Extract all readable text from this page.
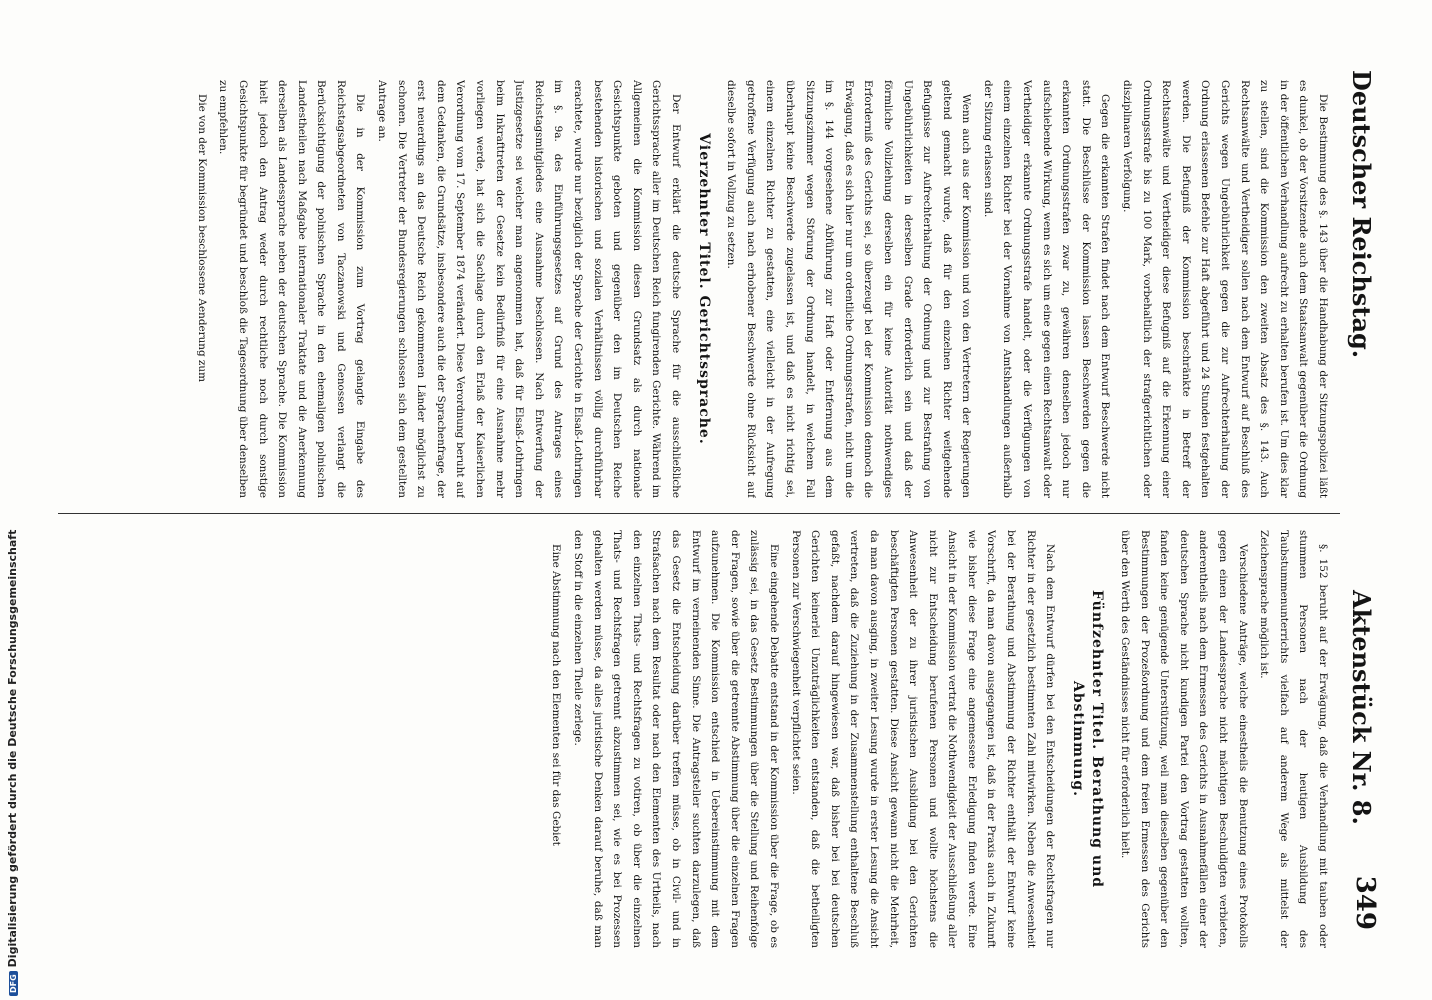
Deutscher Reichstag.
Aktenstück Nr. 8.
349

Die Bestimmung des §. 143 über die Handhabung der Sitzungspolizei läßt es dunkel, ob der Vorsitzende auch dem Staatsanwalt gegenüber die Ordnung in der öffentlichen Verhandlung aufrecht zu erhalten berufen ist. Um dies klar zu stellen, sind die Kommission den zweiten Absatz des §. 143. Auch Rechtsanwälte und Vertheidiger sollen nach dem Entwurf auf Beschluß des Gerichts wegen Ungebührlichkeit gegen die zur Aufrechterhaltung der Ordnung erlassenen Befehle zur Haft abgeführt und 24 Stunden festgehalten werden. Die Befugniß der Kommission beschränkte in Betreff der Rechtsanwälte und Vertheidiger diese Befugniß auf die Erkennung einer Ordnungsstrafe bis zu 100 Mark, vorbehaltlich der strafgerichtlichen oder disziplinaren Verfolgung.

Gegen die erkannten Strafen findet nach dem Entwurf Beschwerde nicht statt. Die Beschlüsse der Kommission lassen Beschwerden gegen die erkannten Ordnungsstrafen zwar zu, gewähren denselben jedoch nur aufschiebende Wirkung, wenn es sich um eine gegen einen Rechtsanwalt oder Vertheidiger erkannte Ordnungsstrafe handelt, oder die Verfügungen von einem einzelnen Richter bei der Vornahme von Amtshandlungen außerhalb der Sitzung erlassen sind.

Wenn auch aus der Kommission und von den Vertretern der Regierungen geltend gemacht wurde, daß für den einzelnen Richter weitgehende Befugnisse zur Aufrechterhaltung der Ordnung und zur Bestrafung von Ungebührlichkeiten in derselben Grade erforderlich sein und daß der förmliche Vollziehung derselben ein für keine Autorität nothwendiges Erforderniß des Gerichts sei, so überzeugt bei der Kommission dennoch die Erwägung, daß es sich hier nur um ordentliche Ordnungsstrafen, nicht um die im §. 144 vorgesehene Abführung zur Haft oder Entfernung aus dem Sitzungszimmer wegen Störung der Ordnung handelt, in welchem Fall überhaupt keine Beschwerde zugelassen ist, und daß es nicht richtig sei, einem einzelnen Richter zu gestatten, eine vielleicht in der Aufregung getroffene Verfügung auch nach erhobener Beschwerde ohne Rücksicht auf dieselbe sofort in Vollzug zu setzen.

Vierzehnter Titel. Gerichtssprache.

Der Entwurf erklärt die deutsche Sprache für die ausschließliche Gerichtssprache aller im Deutschen Reich fungirenden Gerichte. Während im Allgemeinen die Kommission diesen Grundsatz als durch nationale Gesichtspunkte geboten und gegenüber den im Deutschen Reiche bestehenden historischen und sozialen Verhältnissen völlig durchführbar erachtete, wurde nur bezüglich der Sprache der Gerichte in Elsaß-Lothringen im §. 9a. des Einführungsgesetzes auf Grund des Antrages eines Reichstagsmitgliedes eine Ausnahme beschlossen. Nach Entwerfung der Justizgesetze sei welcher man angenommen hat, daß für Elsaß-Lothringen beim Inkrafttreten der Gesetze kein Bedürfniß für eine Ausnahme mehr vorliegen werde, hat sich die Sachlage durch den Erlaß der Kaiserlichen Verordnung vom 17. September 1874 verändert. Diese Verordnung beruht auf dem Gedanken, die Grundsätze, insbesondere auch die der Sprachenfrage, der erst neuerdings an das Deutsche Reich gekommenen Länder möglichst zu schonen. Die Vertreter der Bundesregierungen schlossen sich dem gestellten Antrage an.

Die in der Kommission zum Vortrag gelangte Eingabe des Reichstagsabgeordneten von Taczanowski und Genossen verlangt die Berücksichtigung der polnischen Sprache in den ehemaligen polnischen Landestheilen nach Maßgabe internationaler Traktate und die Anerkennung derselben als Landessprache neben der deutschen Sprache. Die Kommission hielt jedoch den Antrag weder durch rechtliche noch durch sonstige Gesichtspunkte für begründet und beschloß die Tagesordnung über denselben zu empfehlen.

Die von der Kommission beschlossene Aenderung zum

§. 152 beruht auf der Erwägung, daß die Verhandlung mit tauben oder stummen Personen nach der heutigen Ausbildung des Taubstummenunterrichts vielfach auf anderem Wege als mittelst der Zeichensprache möglich ist.

Verschiedene Anträge, welche einestheils die Benutzung eines Protokolls gegen einen der Landessprache nicht mächtigen Beschuldigten verbieten, anderentheils nach dem Ermessen des Gerichts in Ausnahmefällen einer der deutschen Sprache nicht kundigen Partei den Vortrag gestatten wollten, fanden keine genügende Unterstützung, weil man dieselben gegenüber den Bestimmungen der Prozeßordnung und dem freien Ermessen des Gerichts über den Werth des Geständnisses nicht für erforderlich hielt.

Fünfzehnter Titel. Berathung und Abstimmung.

Nach dem Entwurf dürfen bei den Entscheidungen der Rechtsfragen nur Richter in der gesetzlich bestimmten Zahl mitwirken. Neben die Anwesenheit bei der Berathung und Abstimmung der Richter enthält der Entwurf keine Vorschrift, da man davon ausgegangen ist, daß in der Praxis auch in Zukunft wie bisher diese Frage eine angemessene Erledigung finden werde. Eine Ansicht in der Kommission vertrat die Nothwendigkeit der Ausschließung aller nicht zur Entscheidung berufenen Personen und wollte höchstens die Anwesenheit der zu ihrer juristischen Ausbildung bei den Gerichten beschäftigten Personen gestatten. Diese Ansicht gewann nicht die Mehrheit, da man davon ausging, in zweiter Lesung wurde in erster Lesung die Ansicht vertreten, daß die Zuziehung in der Zusammenstellung enthaltene Beschluß gefaßt, nachdem darauf hingewiesen war, daß bisher bei bei deutschen Gerichten keinerlei Unzuträglichkeiten entstanden, daß die betheiligten Personen zur Verschwiegenheit verpflichtet seien.

Eine eingehende Debatte entstand in der Kommission über die Frage, ob es zulässig sei, in das Gesetz Bestimmungen über die Stellung und Reihenfolge der Fragen, sowie über die getrennte Abstimmung über die einzelnen Fragen aufzunehmen. Die Kommission entschied in Uebereinstimmung mit dem Entwurf im verneinenden Sinne. Die Antragsteller suchten darzulegen, daß das Gesetz die Entscheidung darüber treffen müsse, ob in Civil- und in Strafsachen nach dem Resultat oder nach den Elementen des Urtheils, nach den einzelnen Thats- und Rechtsfragen zu votiren, ob über die einzelnen Thats- und Rechtsfragen getrennt abzustimmen sei, wie es bei Prozessen gehalten werden müsse, da alles juristische Denken darauf beruhe, daß man den Stoff in die einzelnen Theile zerlege.

Eine Abstimmung nach den Elementen sei für das Gebiet

DFGDigitalisierung gefördert durch die Deutsche Forschungsgemeinschaft
